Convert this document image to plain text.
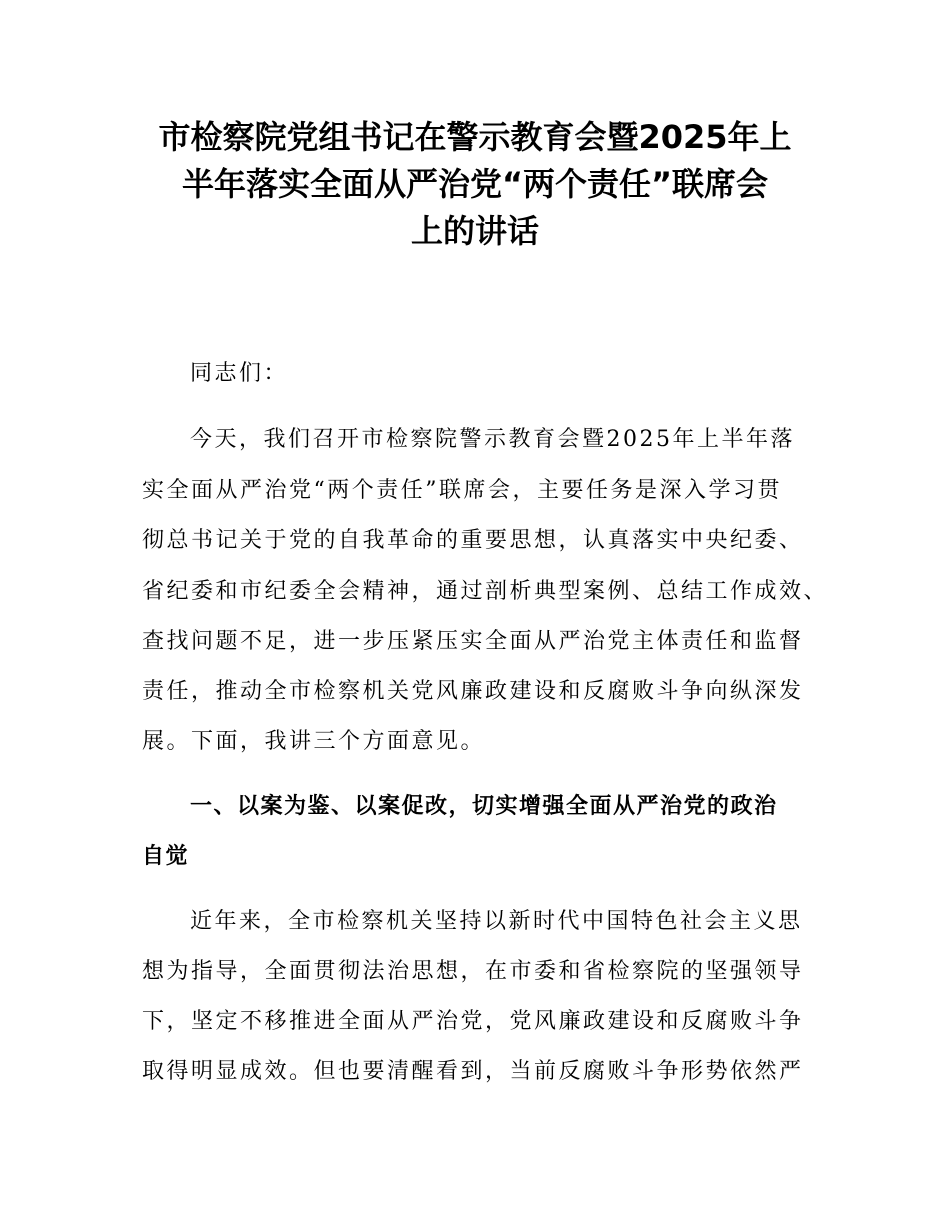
市检察院党组书记在警示教育会暨2025年上
半年落实全面从严治党“两个责任”联席会
上的讲话
同志们：
今天，我们召开市检察院警示教育会暨2025年上半年落
实全面从严治党“两个责任”联席会，主要任务是深入学习贯
彻总书记关于党的自我革命的重要思想，认真落实中央纪委、
省纪委和市纪委全会精神，通过剖析典型案例、总结工作成效、
查找问题不足，进一步压紧压实全面从严治党主体责任和监督
责任，推动全市检察机关党风廉政建设和反腐败斗争向纵深发
展。下面，我讲三个方面意见。
一、以案为鉴、以案促改，切实增强全面从严治党的政治
自觉
近年来，全市检察机关坚持以新时代中国特色社会主义思
想为指导，全面贯彻法治思想，在市委和省检察院的坚强领导
下，坚定不移推进全面从严治党，党风廉政建设和反腐败斗争
取得明显成效。但也要清醒看到，当前反腐败斗争形势依然严
